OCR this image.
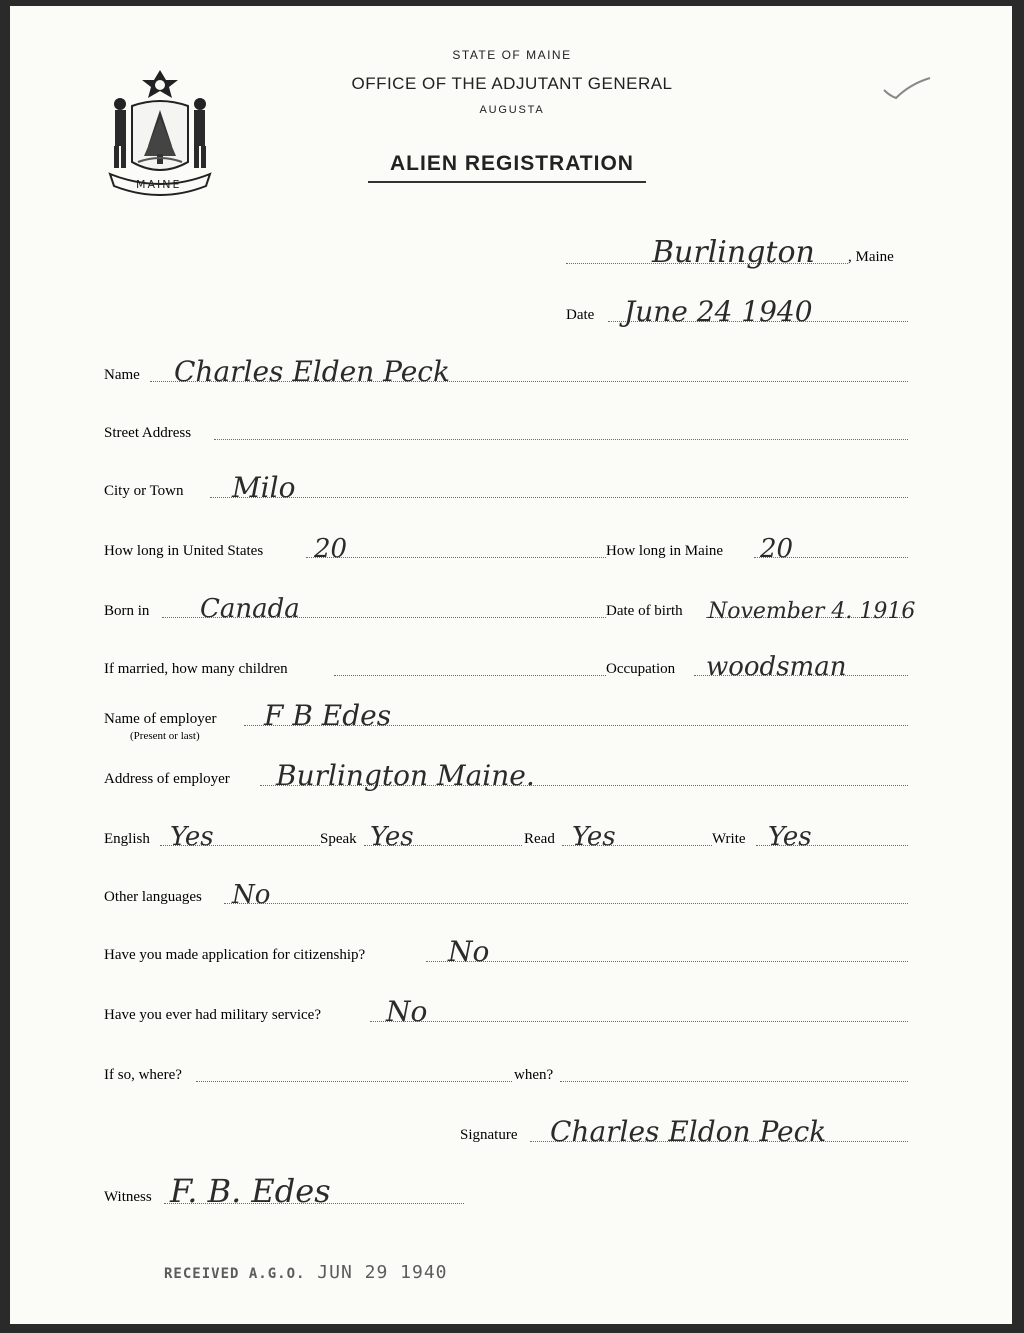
STATE OF MAINE
OFFICE OF THE ADJUTANT GENERAL
AUGUSTA
ALIEN REGISTRATION
MAINE
Burlington , Maine
Date June 24 1940
Name Charles Elden Peck
Street Address
City or Town Milo
How long in United States 20	How long in Maine 20
Born in Canada	Date of birth November 4. 1916
If married, how many children	Occupation woodsman
Name of employer F B Edes
(Present or last)
Address of employer Burlington Maine.
English Yes	Speak Yes	Read Yes	Write Yes
Other languages No
Have you made application for citizenship?	No
Have you ever had military service? No
If so, where?	when?
Signature Charles Eldon Peck
Witness F. B. Edes
RECEIVED A.G.O. JUN 29 1940
